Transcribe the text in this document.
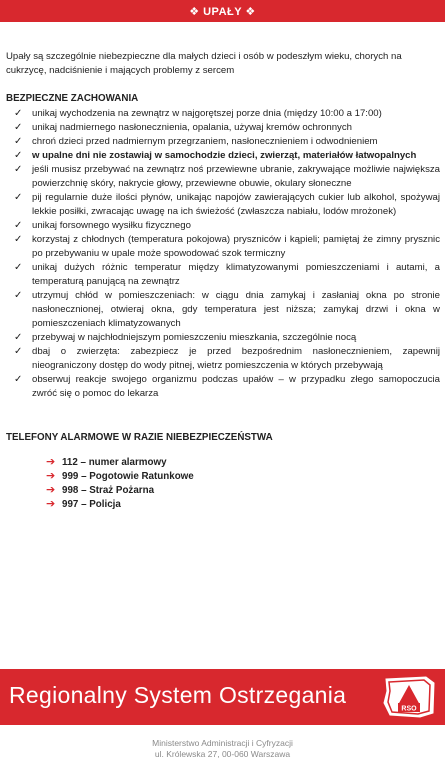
❖ UPAŁY ❖

Upały są szczególnie niebezpieczne dla małych dzieci i osób w podeszłym wieku, chorych na cukrzycę, nadciśnienie i mających problemy z sercem

BEZPIECZNE ZACHOWANIA
✓ unikaj wychodzenia na zewnątrz w najgorętszej porze dnia (między 10:00 a 17:00)
✓ unikaj nadmiernego nasłonecznienia, opalania, używaj kremów ochronnych
✓ chroń dzieci przed nadmiernym przegrzaniem, nasłonecznieniem i odwodnieniem
✓ w upalne dni nie zostawiaj w samochodzie dzieci, zwierząt, materiałów łatwopalnych
✓ jeśli musisz przebywać na zewnątrz noś przewiewne ubranie, zakrywające możliwie największa powierzchnię skóry, nakrycie głowy, przewiewne obuwie, okulary słoneczne
✓ pij regularnie duże ilości płynów, unikając napojów zawierających cukier lub alkohol, spożywaj lekkie posiłki, zwracając uwagę na ich świeżość (zwłaszcza nabiału, lodów mrożonek)
✓ unikaj forsownego wysiłku fizycznego
✓ korzystaj z chłodnych (temperatura pokojowa) pryszniców i kąpieli; pamiętaj że zimny prysznic po przebywaniu w upale może spowodować szok termiczny
✓ unikaj dużych różnic temperatur między klimatyzowanymi pomieszczeniami i autami, a temperaturą panującą na zewnątrz
✓ utrzymuj chłód w pomieszczeniach: w ciągu dnia zamykaj i zasłaniaj okna po stronie nasłonecznionej, otwieraj okna, gdy temperatura jest niższa; zamykaj drzwi i okna w pomieszczeniach klimatyzowanych
✓ przebywaj w najchłodniejszym pomieszczeniu mieszkania, szczególnie nocą
✓ dbaj o zwierzęta: zabezpiecz je przed bezpośrednim nasłonecznieniem, zapewnij nieograniczony dostęp do wody pitnej, wietrz pomieszczenia w których przebywają
✓ obserwuj reakcje swojego organizmu podczas upałów – w przypadku złego samopoczucia zwróć się o pomoc do lekarza
TELEFONY ALARMOWE W RAZIE NIEBEZPIECZEŃSTWA
➔ 112 – numer alarmowy
➔ 999 – Pogotowie Ratunkowe
➔ 998 – Straż Pożarna
➔ 997 – Policja
Regionalny System Ostrzegania
RSO
Ministerstwo Administracji i Cyfryzacji
ul. Królewska 27, 00-060 Warszawa
